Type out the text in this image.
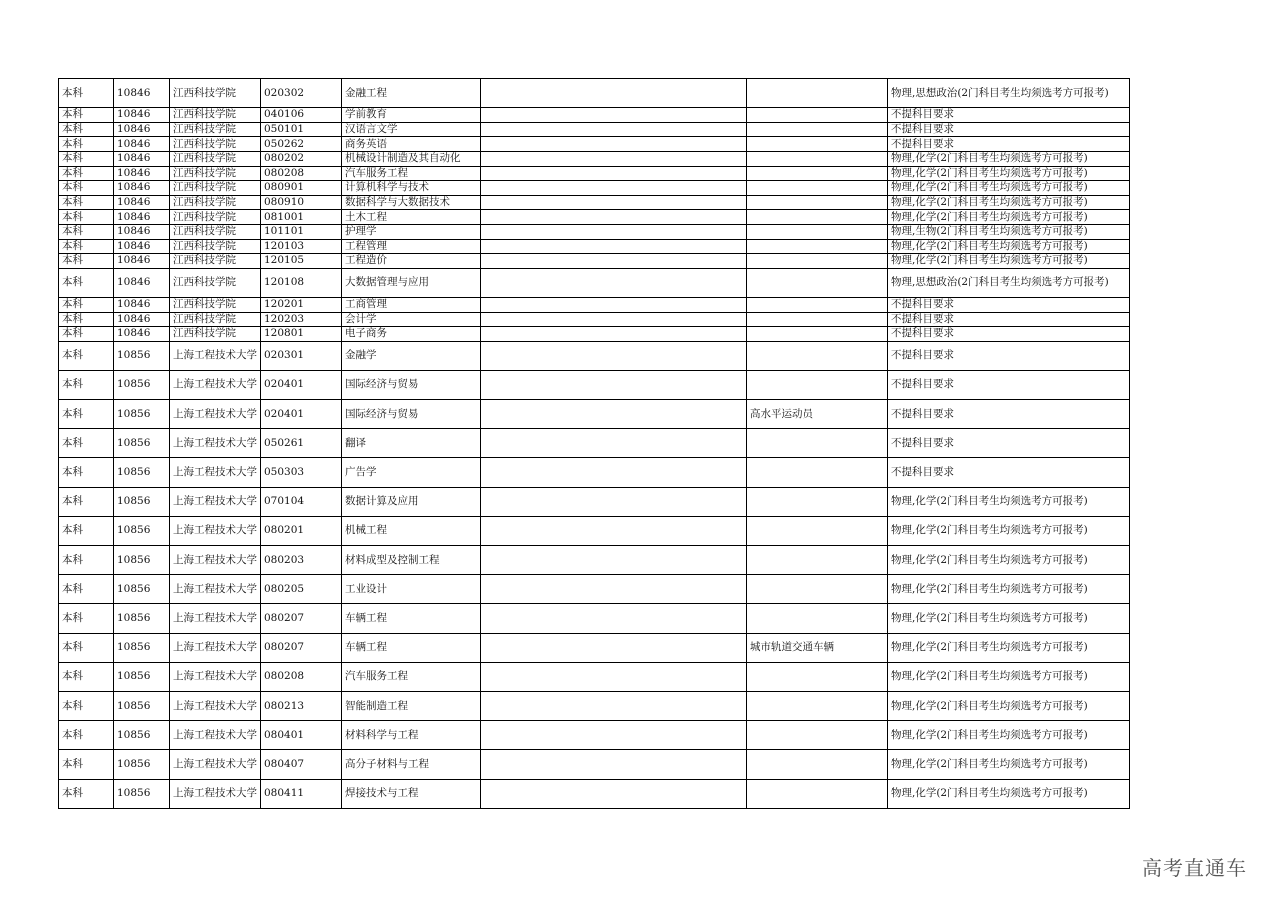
本科	10846	江西科技学院	020302	金融工程			物理,思想政治(2门科目考生均须选考方可报考)
本科	10846	江西科技学院	040106	学前教育			不提科目要求
本科	10846	江西科技学院	050101	汉语言文学			不提科目要求
本科	10846	江西科技学院	050262	商务英语			不提科目要求
本科	10846	江西科技学院	080202	机械设计制造及其自动化			物理,化学(2门科目考生均须选考方可报考)
本科	10846	江西科技学院	080208	汽车服务工程			物理,化学(2门科目考生均须选考方可报考)
本科	10846	江西科技学院	080901	计算机科学与技术			物理,化学(2门科目考生均须选考方可报考)
本科	10846	江西科技学院	080910	数据科学与大数据技术			物理,化学(2门科目考生均须选考方可报考)
本科	10846	江西科技学院	081001	土木工程			物理,化学(2门科目考生均须选考方可报考)
本科	10846	江西科技学院	101101	护理学			物理,生物(2门科目考生均须选考方可报考)
本科	10846	江西科技学院	120103	工程管理			物理,化学(2门科目考生均须选考方可报考)
本科	10846	江西科技学院	120105	工程造价			物理,化学(2门科目考生均须选考方可报考)
本科	10846	江西科技学院	120108	大数据管理与应用			物理,思想政治(2门科目考生均须选考方可报考)
本科	10846	江西科技学院	120201	工商管理			不提科目要求
本科	10846	江西科技学院	120203	会计学			不提科目要求
本科	10846	江西科技学院	120801	电子商务			不提科目要求
本科	10856	上海工程技术大学	020301	金融学			不提科目要求
本科	10856	上海工程技术大学	020401	国际经济与贸易			不提科目要求
本科	10856	上海工程技术大学	020401	国际经济与贸易		高水平运动员	不提科目要求
本科	10856	上海工程技术大学	050261	翻译			不提科目要求
本科	10856	上海工程技术大学	050303	广告学			不提科目要求
本科	10856	上海工程技术大学	070104	数据计算及应用			物理,化学(2门科目考生均须选考方可报考)
本科	10856	上海工程技术大学	080201	机械工程			物理,化学(2门科目考生均须选考方可报考)
本科	10856	上海工程技术大学	080203	材料成型及控制工程			物理,化学(2门科目考生均须选考方可报考)
本科	10856	上海工程技术大学	080205	工业设计			物理,化学(2门科目考生均须选考方可报考)
本科	10856	上海工程技术大学	080207	车辆工程			物理,化学(2门科目考生均须选考方可报考)
本科	10856	上海工程技术大学	080207	车辆工程		城市轨道交通车辆	物理,化学(2门科目考生均须选考方可报考)
本科	10856	上海工程技术大学	080208	汽车服务工程			物理,化学(2门科目考生均须选考方可报考)
本科	10856	上海工程技术大学	080213	智能制造工程			物理,化学(2门科目考生均须选考方可报考)
本科	10856	上海工程技术大学	080401	材料科学与工程			物理,化学(2门科目考生均须选考方可报考)
本科	10856	上海工程技术大学	080407	高分子材料与工程			物理,化学(2门科目考生均须选考方可报考)
本科	10856	上海工程技术大学	080411	焊接技术与工程			物理,化学(2门科目考生均须选考方可报考)
高考直通车
